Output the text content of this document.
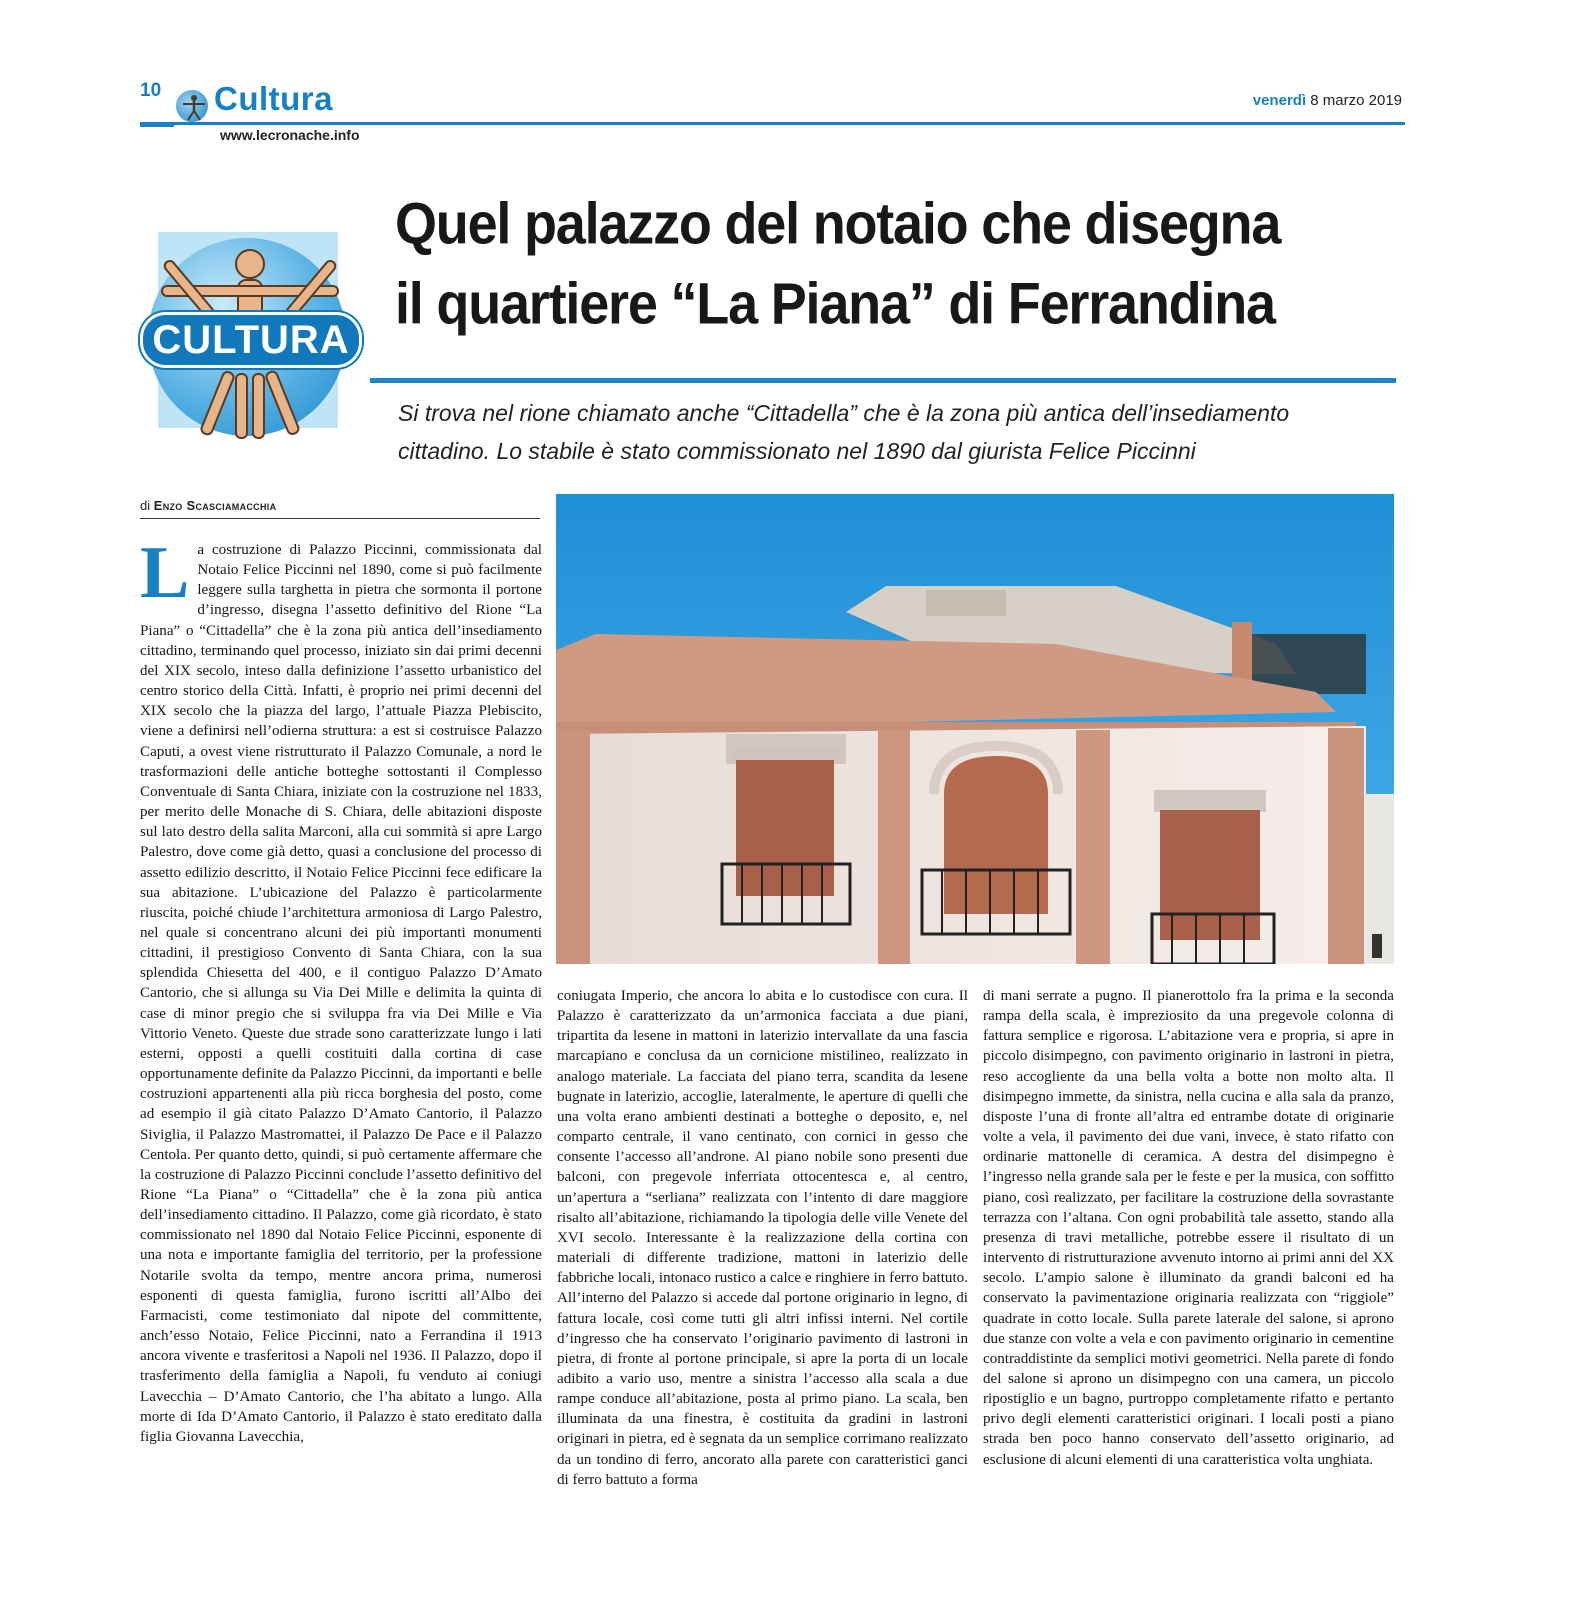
10 Cultura
www.lecronache.info
venerdì 8 marzo 2019
CULTURA
Quel palazzo del notaio che disegna
il quartiere “La Piana” di Ferrandina
Si trova nel rione chiamato anche “Cittadella” che è la zona più antica dell’insediamento
cittadino. Lo stabile è stato commissionato nel 1890 dal giurista Felice Piccinni
di Enzo Scasciamacchia
La costruzione di Palazzo Piccinni, commissionata dal Notaio Felice Piccinni nel 1890, come si può facilmente leggere sulla targhetta in pietra che sormonta il portone d’ingresso, disegna l’assetto definitivo del Rione “La Piana” o “Cittadella” che è la zona più antica dell’insediamento cittadino, terminando quel processo, iniziato sin dai primi decenni del XIX secolo, inteso dalla definizione l’assetto urbanistico del centro storico della Città. Infatti, è proprio nei primi decenni del XIX secolo che la piazza del largo, l’attuale Piazza Plebiscito, viene a definirsi nell’odierna struttura: a est si costruisce Palazzo Caputi, a ovest viene ristrutturato il Palazzo Comunale, a nord le trasformazioni delle antiche botteghe sottostanti il Complesso Conventuale di Santa Chiara, iniziate con la costruzione nel 1833, per merito delle Monache di S. Chiara, delle abitazioni disposte sul lato destro della salita Marconi, alla cui sommità si apre Largo Palestro, dove come già detto, quasi a conclusione del processo di assetto edilizio descritto, il Notaio Felice Piccinni fece edificare la sua abitazione. L’ubicazione del Palazzo è particolarmente riuscita, poiché chiude l’architettura armoniosa di Largo Palestro, nel quale si concentrano alcuni dei più importanti monumenti cittadini, il prestigioso Convento di Santa Chiara, con la sua splendida Chiesetta del 400, e il contiguo Palazzo D’Amato Cantorio, che si allunga su Via Dei Mille e delimita la quinta di case di minor pregio che si sviluppa fra via Dei Mille e Via Vittorio Veneto. Queste due strade sono caratterizzate lungo i lati esterni, opposti a quelli costituiti dalla cortina di case opportunamente definite da Palazzo Piccinni, da importanti e belle costruzioni appartenenti alla più ricca borghesia del posto, come ad esempio il già citato Palazzo D’Amato Cantorio, il Palazzo Siviglia, il Palazzo Mastromattei, il Palazzo De Pace e il Palazzo Centola. Per quanto detto, quindi, si può certamente affermare che la costruzione di Palazzo Piccinni conclude l’assetto definitivo del Rione “La Piana” o “Cittadella” che è la zona più antica dell’insediamento cittadino. Il Palazzo, come già ricordato, è stato commissionato nel 1890 dal Notaio Felice Piccinni, esponente di una nota e importante famiglia del territorio, per la professione Notarile svolta da tempo, mentre ancora prima, numerosi esponenti di questa famiglia, furono iscritti all’Albo dei Farmacisti, come testimoniato dal nipote del committente, anch’esso Notaio, Felice Piccinni, nato a Ferrandina il 1913 ancora vivente e trasferitosi a Napoli nel 1936. Il Palazzo, dopo il trasferimento della famiglia a Napoli, fu venduto ai coniugi Lavecchia – D’Amato Cantorio, che l’ha abitato a lungo. Alla morte di Ida D’Amato Cantorio, il Palazzo è stato ereditato dalla figlia Giovanna Lavecchia,
coniugata Imperio, che ancora lo abita e lo custodisce con cura. Il Palazzo è caratterizzato da un’armonica facciata a due piani, tripartita da lesene in mattoni in laterizio intervallate da una fascia marcapiano e conclusa da un cornicione mistilineo, realizzato in analogo materiale. La facciata del piano terra, scandita da lesene bugnate in laterizio, accoglie, lateralmente, le aperture di quelli che una volta erano ambienti destinati a botteghe o deposito, e, nel comparto centrale, il vano centinato, con cornici in gesso che consente l’accesso all’androne. Al piano nobile sono presenti due balconi, con pregevole inferriata ottocentesca e, al centro, un’apertura a “serliana” realizzata con l’intento di dare maggiore risalto all’abitazione, richiamando la tipologia delle ville Venete del XVI secolo. Interessante è la realizzazione della cortina con materiali di differente tradizione, mattoni in laterizio delle fabbriche locali, intonaco rustico a calce e ringhiere in ferro battuto. All’interno del Palazzo si accede dal portone originario in legno, di fattura locale, così come tutti gli altri infissi interni. Nel cortile d’ingresso che ha conservato l’originario pavimento di lastroni in pietra, di fronte al portone principale, si apre la porta di un locale adibito a vario uso, mentre a sinistra l’accesso alla scala a due rampe conduce all’abitazione, posta al primo piano. La scala, ben illuminata da una finestra, è costituita da gradini in lastroni originari in pietra, ed è segnata da un semplice corrimano realizzato da un tondino di ferro, ancorato alla parete con caratteristici ganci di ferro battuto a forma
di mani serrate a pugno. Il pianerottolo fra la prima e la seconda rampa della scala, è impreziosito da una pregevole colonna di fattura semplice e rigorosa. L’abitazione vera e propria, si apre in piccolo disimpegno, con pavimento originario in lastroni in pietra, reso accogliente da una bella volta a botte non molto alta. Il disimpegno immette, da sinistra, nella cucina e alla sala da pranzo, disposte l’una di fronte all’altra ed entrambe dotate di originarie volte a vela, il pavimento dei due vani, invece, è stato rifatto con ordinarie mattonelle di ceramica. A destra del disimpegno è l’ingresso nella grande sala per le feste e per la musica, con soffitto piano, così realizzato, per facilitare la costruzione della sovrastante terrazza con l’altana. Con ogni probabilità tale assetto, stando alla presenza di travi metalliche, potrebbe essere il risultato di un intervento di ristrutturazione avvenuto intorno ai primi anni del XX secolo. L’ampio salone è illuminato da grandi balconi ed ha conservato la pavimentazione originaria realizzata con “riggiole” quadrate in cotto locale. Sulla parete laterale del salone, si aprono due stanze con volte a vela e con pavimento originario in cementine contraddistinte da semplici motivi geometrici. Nella parete di fondo del salone si aprono un disimpegno con una camera, un piccolo ripostiglio e un bagno, purtroppo completamente rifatto e pertanto privo degli elementi caratteristici originari. I locali posti a piano strada ben poco hanno conservato dell’assetto originario, ad esclusione di alcuni elementi di una caratteristica volta unghiata.
